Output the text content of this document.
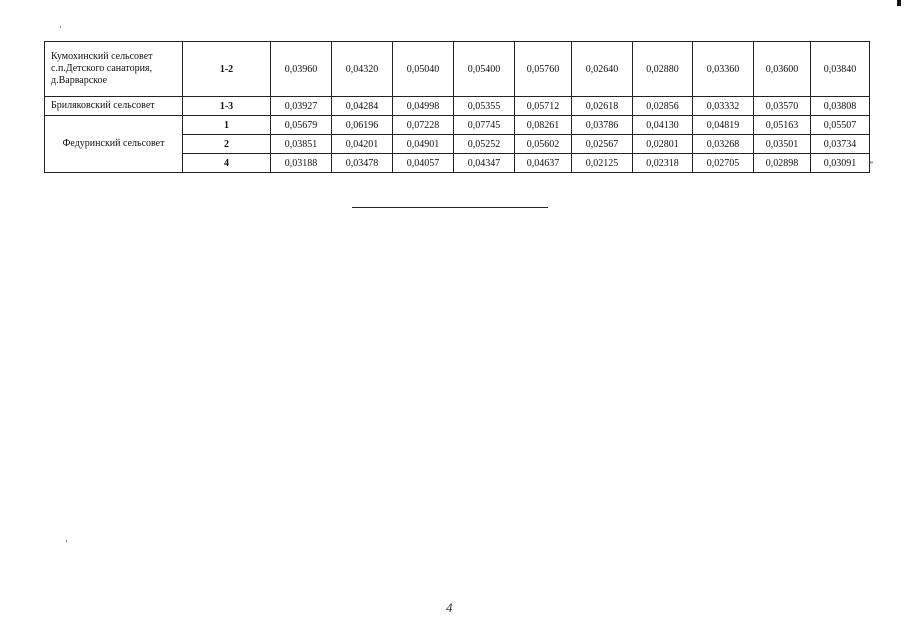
Кумохинский сельсовет
с.п.Детского санатория,
д.Варварское	1-2	0,03960	0,04320	0,05040	0,05400	0,05760	0,02640	0,02880	0,03360	0,03600	0,03840
Бриляковский сельсовет	1-3	0,03927	0,04284	0,04998	0,05355	0,05712	0,02618	0,02856	0,03332	0,03570	0,03808
Федуринский сельсовет	1	0,05679	0,06196	0,07228	0,07745	0,08261	0,03786	0,04130	0,04819	0,05163	0,05507
	2	0,03851	0,04201	0,04901	0,05252	0,05602	0,02567	0,02801	0,03268	0,03501	0,03734
	4	0,03188	0,03478	0,04057	0,04347	0,04637	0,02125	0,02318	0,02705	0,02898	0,03091 ”
4
